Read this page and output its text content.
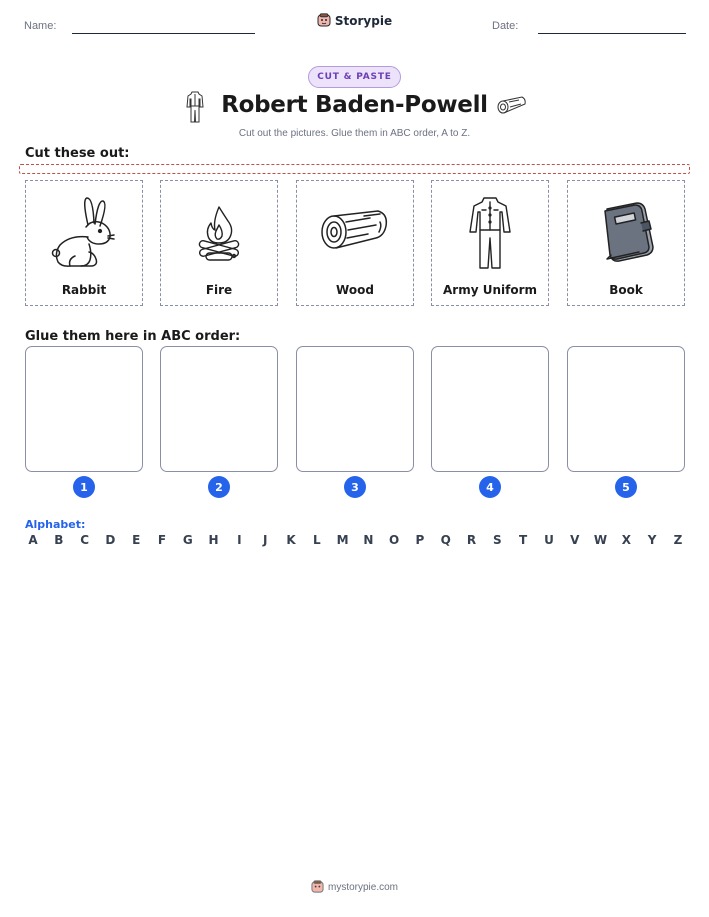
Name:	Date:
Storypie
CUT & PASTE
Robert Baden-Powell
Cut out the pictures. Glue them in ABC order, A to Z.
Cut these out:
Rabbit	Fire	Wood	Army Uniform	Book
Glue them here in ABC order:
1	2	3	4	5
Alphabet:
A B C D	E	F	G H	I	J	K	L	M N O P	Q R	S	T	U V W X	Y	Z
mystorypie.com
